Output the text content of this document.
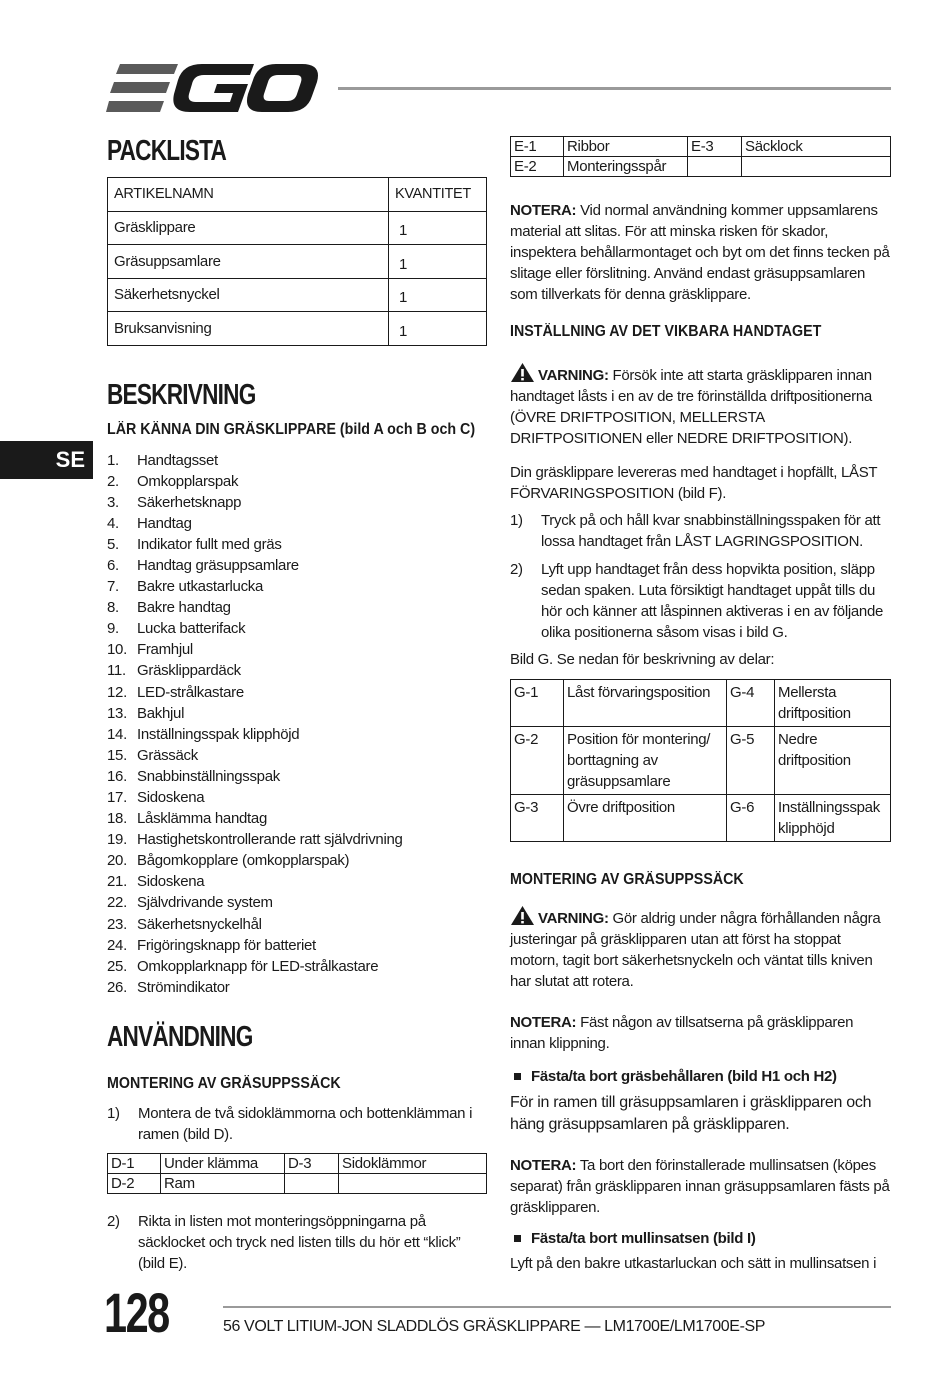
SE
PACKLISTA
ARTIKELNAMN	KVANTITET
Gräsklippare	1
Gräsuppsamlare	1
Säkerhetsnyckel	1
Bruksanvisning	1
BESKRIVNING
LÄR KÄNNA DIN GRÄSKLIPPARE (bild A och B och C)
1.	Handtagsset
2.	Omkopplarspak
3.	Säkerhetsknapp
4.	Handtag
5.	Indikator fullt med gräs
6.	Handtag gräsuppsamlare
7.	Bakre utkastarlucka
8.	Bakre handtag
9.	Lucka batterifack
10. Framhjul
11. Gräsklippardäck
12. LED-strålkastare
13. Bakhjul
14. Inställningsspak klipphöjd
15. Grässäck
16. Snabbinställningsspak
17. Sidoskena
18. Låsklämma handtag
19. Hastighetskontrollerande ratt självdrivning
20. Bågomkopplare (omkopplarspak)
21. Sidoskena
22. Självdrivande system
23. Säkerhetsnyckelhål
24. Frigöringsknapp för batteriet
25. Omkopplarknapp för LED-strålkastare
26. Strömindikator
ANVÄNDNING
MONTERING AV GRÄSUPPSSÄCK
1)	Montera de två sidoklämmorna och bottenklämman i ramen (bild D).
D-1	Under klämma	D-3	Sidoklämmor
D-2	Ram		
2)	Rikta in listen mot monteringsöppningarna på säcklocket och tryck ned listen tills du hör ett “klick” (bild E).
E-1	Ribbor	E-3	Säcklock
E-2	Monteringsspår		

NOTERA: Vid normal användning kommer uppsamlarens material att slitas. För att minska risken för skador, inspektera behållarmontaget och byt om det finns tecken på slitage eller förslitning. Använd endast gräsuppsamlaren som tillverkats för denna gräsklippare.

INSTÄLLNING AV DET VIKBARA HANDTAGET

VARNING: Försök inte att starta gräsklipparen innan handtaget låsts i en av de tre förinställda driftpositionerna (ÖVRE DRIFTPOSITION, MELLERSTA DRIFTPOSITIONEN eller NEDRE DRIFTPOSITION).

Din gräsklippare levereras med handtaget i hopfällt, LÅST FÖRVARINGSPOSITION (bild F).

1)	Tryck på och håll kvar snabbinställningsspaken för att lossa handtaget från LÅST LAGRINGSPOSITION.
2)	Lyft upp handtaget från dess hopvikta position, släpp sedan spaken. Luta försiktigt handtaget uppåt tills du hör och känner att låspinnen aktiveras i en av följande olika positionerna såsom visas i bild G.

Bild G. Se nedan för beskrivning av delar:

G-1	Låst förvaringsposition	G-4	Mellersta driftposition
G-2	Position för montering/ borttagning av gräsuppsamlare	G-5	Nedre driftposition
G-3	Övre driftposition	G-6	Inställningsspak klipphöjd
MONTERING AV GRÄSUPPSSÄCK

VARNING: Gör aldrig under några förhållanden några justeringar på gräsklipparen utan att först ha stoppat motorn, tagit bort säkerhetsnyckeln och väntat tills kniven har slutat att rotera.

NOTERA: Fäst någon av tillsatserna på gräsklipparen innan klippning.

Fästa/ta bort gräsbehållaren (bild H1 och H2)

För in ramen till gräsuppsamlaren i gräsklipparen och häng gräsuppsamlaren på gräsklipparen.

NOTERA: Ta bort den förinstallerade mullinsatsen (köpes separat) från gräsklipparen innan gräsuppsamlaren fästs på gräsklipparen.

Fästa/ta bort mullinsatsen (bild I)

Lyft på den bakre utkastarluckan och sätt in mullinsatsen i

128	56 VOLT LITIUM-JON SLADDLÖS GRÄSKLIPPARE — LM1700E/LM1700E-SP
